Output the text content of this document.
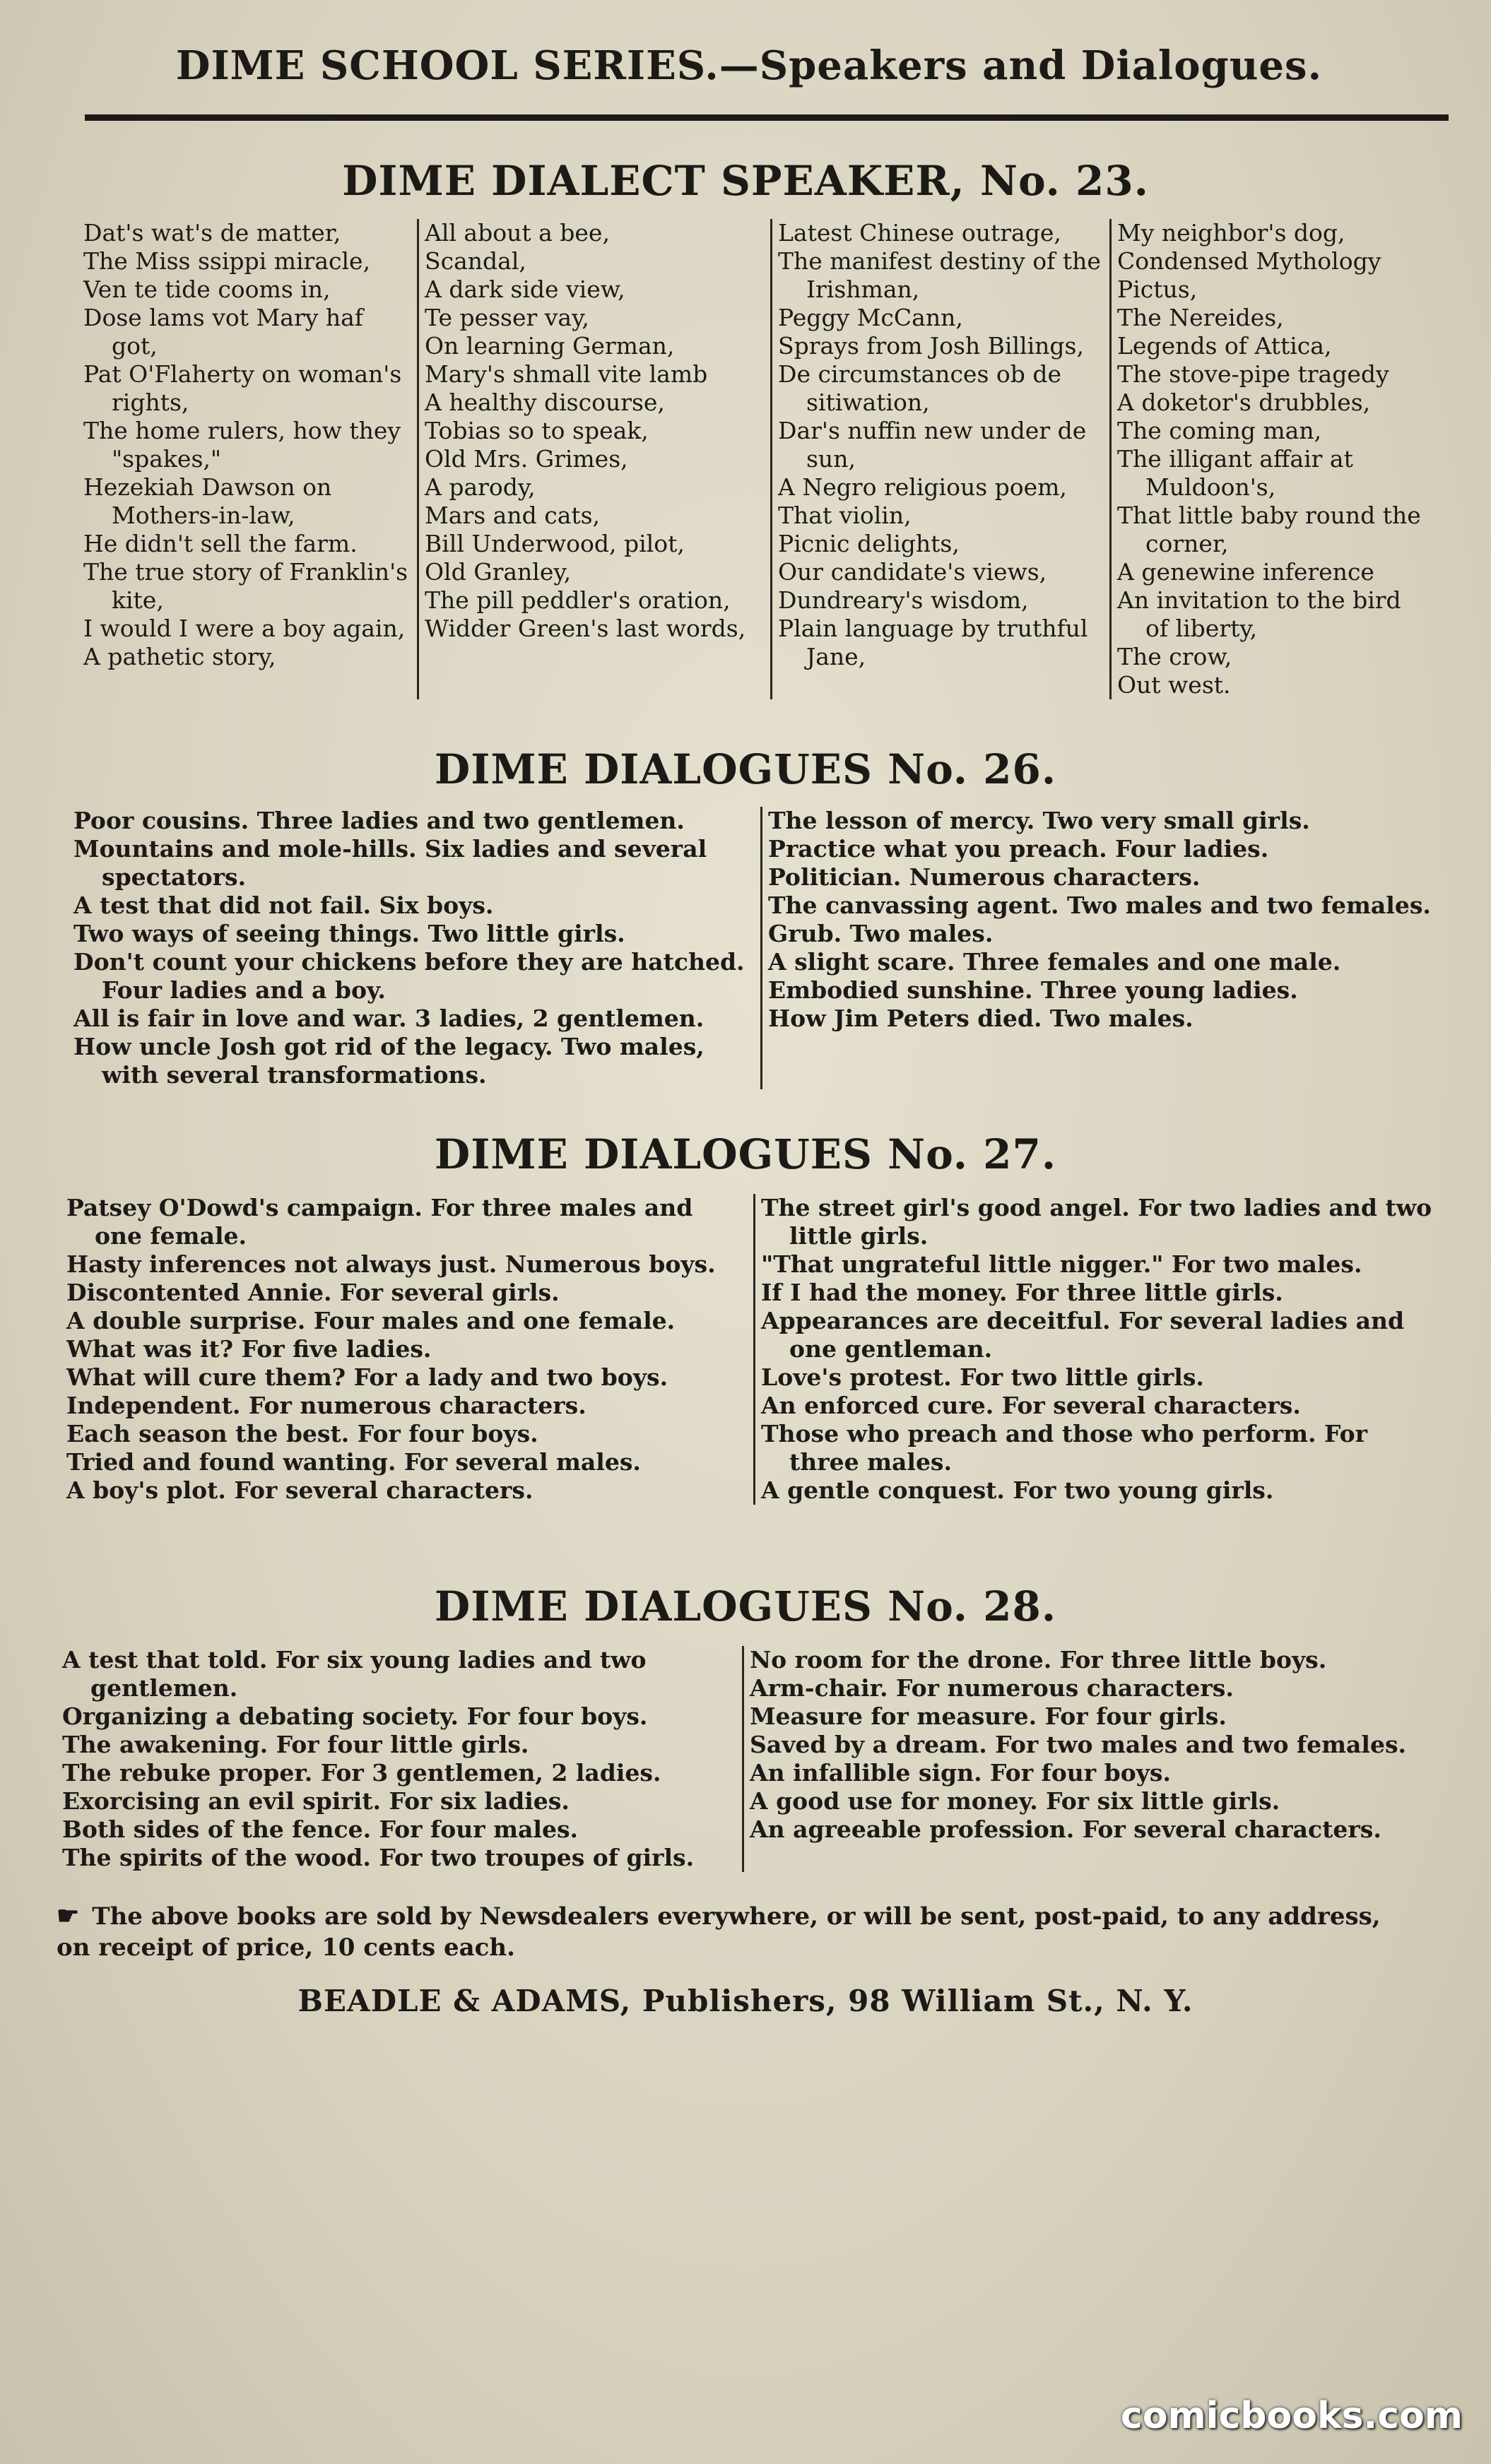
DIME SCHOOL SERIES.—Speakers and Dialogues.
DIME DIALECT SPEAKER, No. 23.

Dat's wat's de matter,

The Miss ssippi miracle,

Ven te tide cooms in,

Dose lams vot Mary haf got,

Pat O'Flaherty on woman's rights,

The home rulers, how they "spakes,"

Hezekiah Dawson on Mothers-in-law,

He didn't sell the farm.

The true story of Franklin's kite,

I would I were a boy again,

A pathetic story,

All about a bee,

Scandal,

A dark side view,

Te pesser vay,

On learning German,

Mary's shmall vite lamb

A healthy discourse,

Tobias so to speak,

Old Mrs. Grimes,

A parody,

Mars and cats,

Bill Underwood, pilot,

Old Granley,

The pill peddler's oration,

Widder Green's last words,

Latest Chinese outrage,

The manifest destiny of the Irishman,

Peggy McCann,

Sprays from Josh Billings,

De circumstances ob de sitiwation,

Dar's nuffin new under de sun,

A Negro religious poem,

That violin,

Picnic delights,

Our candidate's views,

Dundreary's wisdom,

Plain language by truthful Jane,

My neighbor's dog,

Condensed Mythology

Pictus,

The Nereides,

Legends of Attica,

The stove-pipe tragedy

A doketor's drubbles,

The coming man,

The illigant affair at Muldoon's,

That little baby round the corner,

A genewine inference

An invitation to the bird of liberty,

The crow,

Out west.

DIME DIALOGUES No. 26.

Poor cousins. Three ladies and two gentlemen.

Mountains and mole-hills. Six ladies and several spectators.

A test that did not fail. Six boys.

Two ways of seeing things. Two little girls.

Don't count your chickens before they are hatched. Four ladies and a boy.

All is fair in love and war. 3 ladies, 2 gentlemen.

How uncle Josh got rid of the legacy. Two males, with several transformations.

The lesson of mercy. Two very small girls.

Practice what you preach. Four ladies.

Politician. Numerous characters.

The canvassing agent. Two males and two females.

Grub. Two males.

A slight scare. Three females and one male.

Embodied sunshine. Three young ladies.

How Jim Peters died. Two males.

DIME DIALOGUES No. 27.

Patsey O'Dowd's campaign. For three males and one female.

Hasty inferences not always just. Numerous boys.

Discontented Annie. For several girls.

A double surprise. Four males and one female.

What was it? For five ladies.

What will cure them? For a lady and two boys.

Independent. For numerous characters.

Each season the best. For four boys.

Tried and found wanting. For several males.

A boy's plot. For several characters.

The street girl's good angel. For two ladies and two little girls.

"That ungrateful little nigger." For two males.

If I had the money. For three little girls.

Appearances are deceitful. For several ladies and one gentleman.

Love's protest. For two little girls.

An enforced cure. For several characters.

Those who preach and those who perform. For three males.

A gentle conquest. For two young girls.

DIME DIALOGUES No. 28.

A test that told. For six young ladies and two gentlemen.

Organizing a debating society. For four boys.

The awakening. For four little girls.

The rebuke proper. For 3 gentlemen, 2 ladies.

Exorcising an evil spirit. For six ladies.

Both sides of the fence. For four males.

The spirits of the wood. For two troupes of girls.

No room for the drone. For three little boys.

Arm-chair. For numerous characters.

Measure for measure. For four girls.

Saved by a dream. For two males and two females.

An infallible sign. For four boys.

A good use for money. For six little girls.

An agreeable profession. For several characters.

☛ The above books are sold by Newsdealers everywhere, or will be sent, post-paid, to any address, on receipt of price, 10 cents each.
BEADLE & ADAMS, Publishers, 98 William St., N. Y.
comicbooks.com
